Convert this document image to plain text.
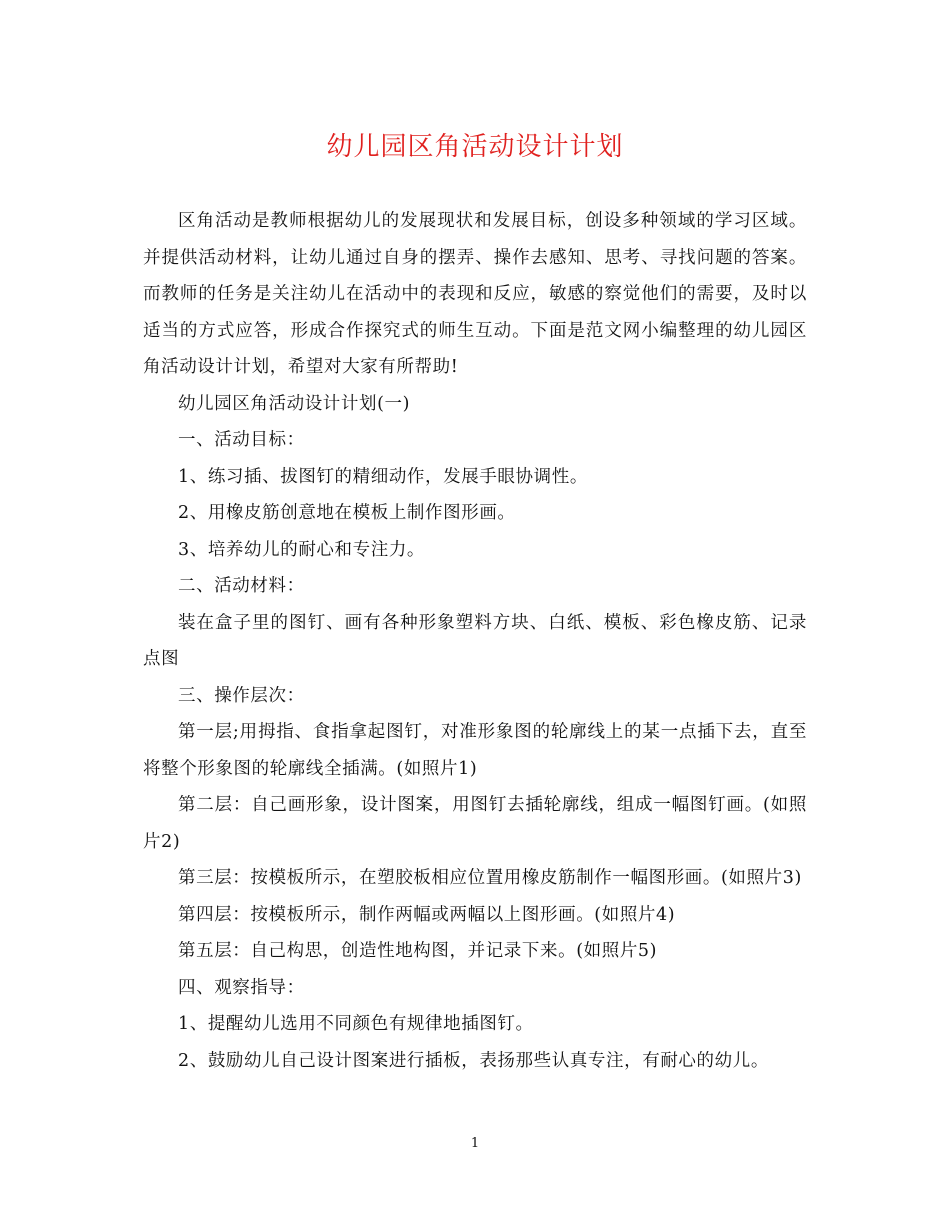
幼儿园区角活动设计计划

区角活动是教师根据幼儿的发展现状和发展目标，创设多种领域的学习区域。并提供活动材料，让幼儿通过自身的摆弄、操作去感知、思考、寻找问题的答案。而教师的任务是关注幼儿在活动中的表现和反应，敏感的察觉他们的需要，及时以适当的方式应答，形成合作探究式的师生互动。下面是范文网小编整理的幼儿园区角活动设计计划，希望对大家有所帮助!

幼儿园区角活动设计计划(一)

一、活动目标：

1、练习插、拔图钉的精细动作，发展手眼协调性。

2、用橡皮筋创意地在模板上制作图形画。

3、培养幼儿的耐心和专注力。

二、活动材料：

装在盒子里的图钉、画有各种形象塑料方块、白纸、模板、彩色橡皮筋、记录点图

三、操作层次：

第一层;用拇指、食指拿起图钉，对准形象图的轮廓线上的某一点插下去，直至将整个形象图的轮廓线全插满。(如照片1)

第二层：自己画形象，设计图案，用图钉去插轮廓线，组成一幅图钉画。(如照片2)

第三层：按模板所示，在塑胶板相应位置用橡皮筋制作一幅图形画。(如照片3)

第四层：按模板所示，制作两幅或两幅以上图形画。(如照片4)

第五层：自己构思，创造性地构图，并记录下来。(如照片5)

四、观察指导：

1、提醒幼儿选用不同颜色有规律地插图钉。

2、鼓励幼儿自己设计图案进行插板，表扬那些认真专注，有耐心的幼儿。

1
